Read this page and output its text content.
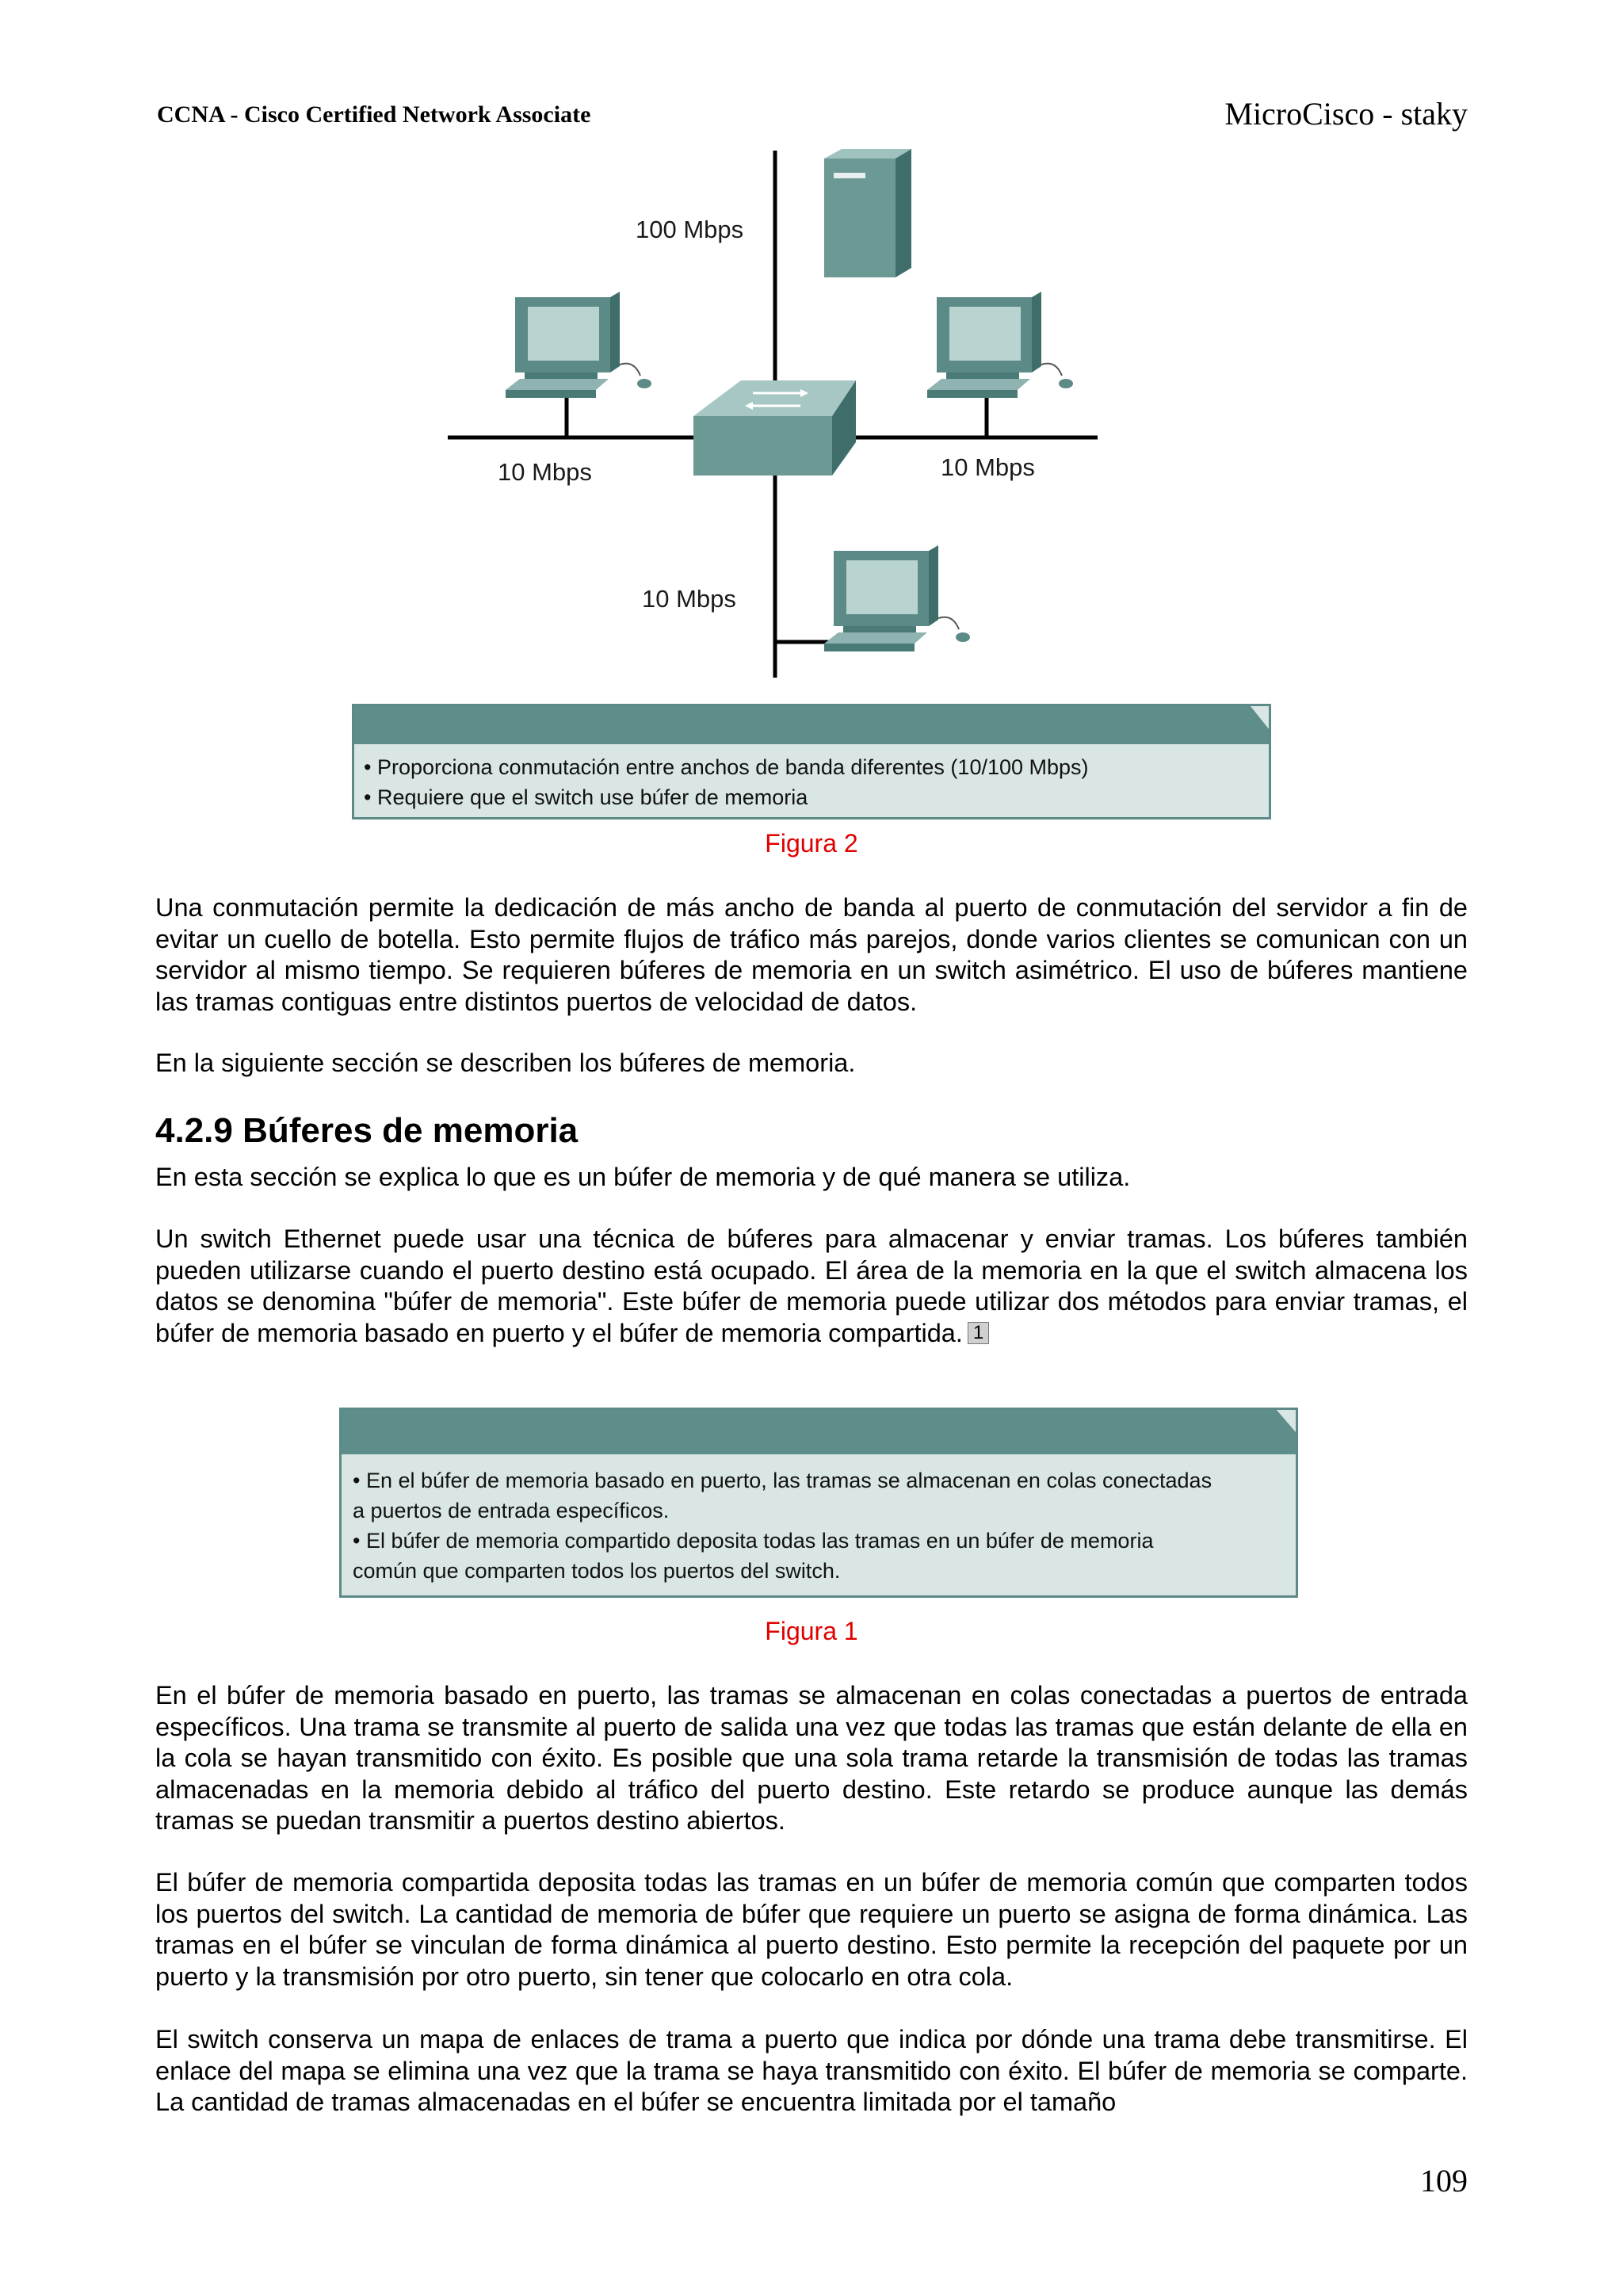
CCNA - Cisco Certified Network Associate	MicroCisco - staky
100 Mbps
10 Mbps	10 Mbps
10 Mbps
• Proporciona conmutación entre anchos de banda diferentes (10/100 Mbps)
• Requiere que el switch use búfer de memoria
Figura 2

Una conmutación permite la dedicación de más ancho de banda al puerto de conmutación del servidor a fin de evitar un cuello de botella. Esto permite flujos de tráfico más parejos, donde varios clientes se comunican con un servidor al mismo tiempo. Se requieren búferes de memoria en un switch asimétrico. El uso de búferes mantiene las tramas contiguas entre distintos puertos de velocidad de datos.

En la siguiente sección se describen los búferes de memoria.

4.2.9 Búferes de memoria

En esta sección se explica lo que es un búfer de memoria y de qué manera se utiliza.

Un switch Ethernet puede usar una técnica de búferes para almacenar y enviar tramas. Los búferes también pueden utilizarse cuando el puerto destino está ocupado. El área de la memoria en la que el switch almacena los datos se denomina "búfer de memoria". Este búfer de memoria puede utilizar dos métodos para enviar tramas, el búfer de memoria basado en puerto y el búfer de memoria compartida. 1

• En el búfer de memoria basado en puerto, las tramas se almacenan en colas conectadas
a puertos de entrada específicos.
• El búfer de memoria compartido deposita todas las tramas en un búfer de memoria
común que comparten todos los puertos del switch.
Figura 1

En el búfer de memoria basado en puerto, las tramas se almacenan en colas conectadas a puertos de entrada específicos. Una trama se transmite al puerto de salida una vez que todas las tramas que están delante de ella en la cola se hayan transmitido con éxito. Es posible que una sola trama retarde la transmisión de todas las tramas almacenadas en la memoria debido al tráfico del puerto destino. Este retardo se produce aunque las demás tramas se puedan transmitir a puertos destino abiertos.

El búfer de memoria compartida deposita todas las tramas en un búfer de memoria común que comparten todos los puertos del switch. La cantidad de memoria de búfer que requiere un puerto se asigna de forma dinámica. Las tramas en el búfer se vinculan de forma dinámica al puerto destino. Esto permite la recepción del paquete por un puerto y la transmisión por otro puerto, sin tener que colocarlo en otra cola.

El switch conserva un mapa de enlaces de trama a puerto que indica por dónde una trama debe transmitirse. El enlace del mapa se elimina una vez que la trama se haya transmitido con éxito. El búfer de memoria se comparte. La cantidad de tramas almacenadas en el búfer se encuentra limitada por el tamaño

109
